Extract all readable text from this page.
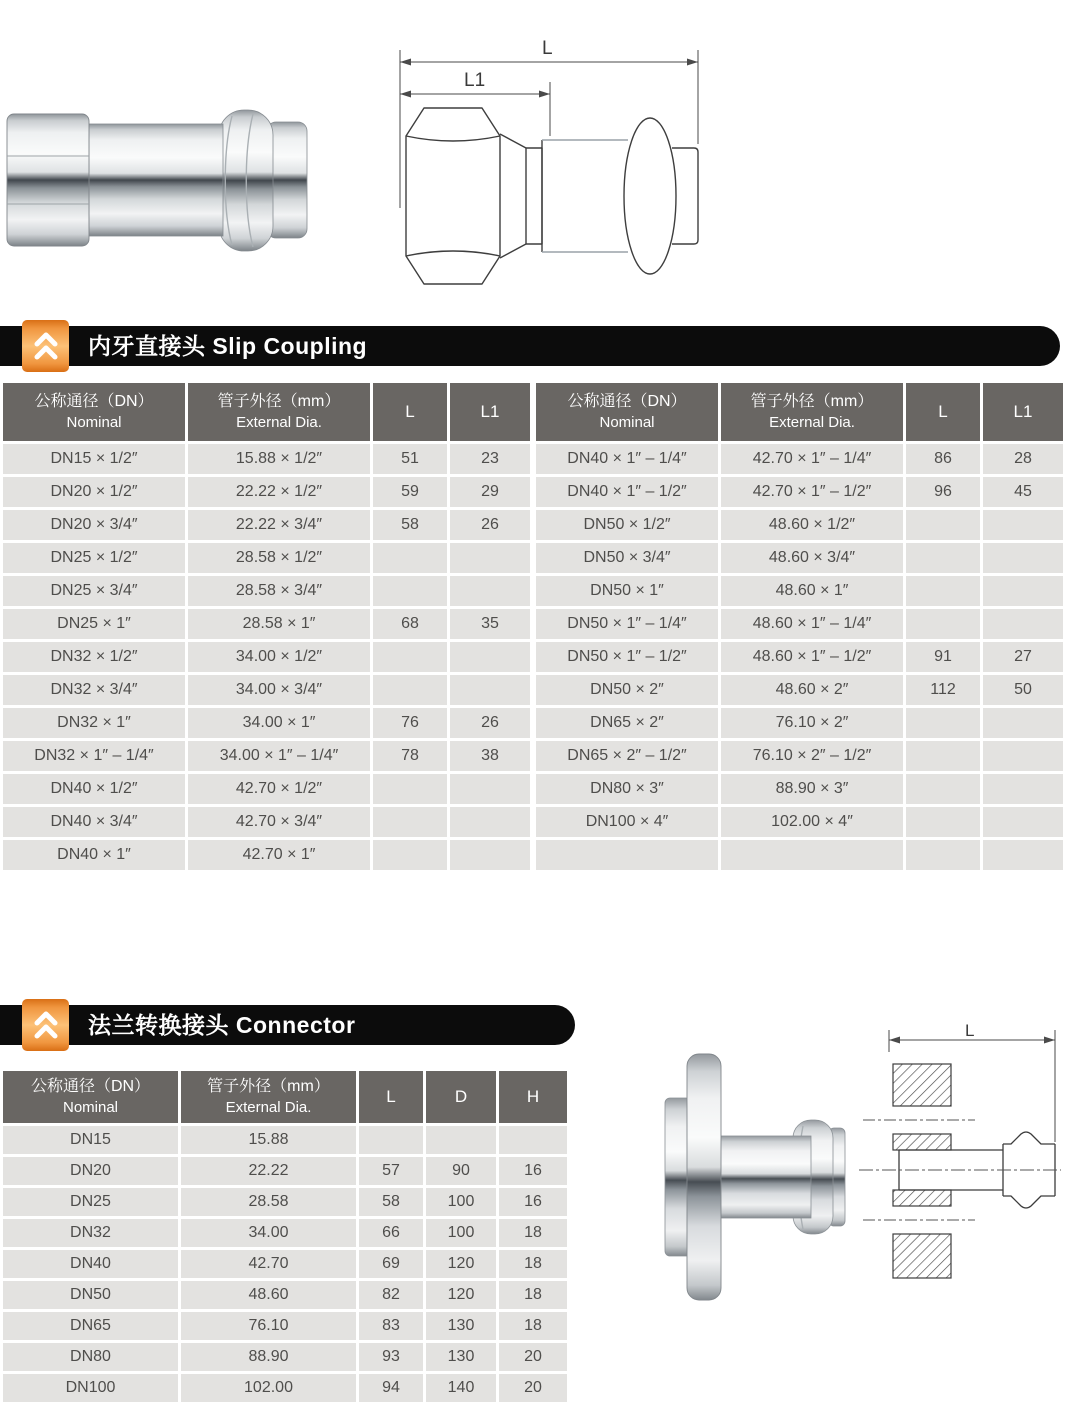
L
L1
内牙直接头 Slip Coupling
公称通径（DN）
Nominal

管子外径（mm）
External Dia.
	L	L1
DN15 × 1/2″	15.88 × 1/2″	51	23
DN20 × 1/2″	22.22 × 1/2″	59	29
DN20 × 3/4″	22.22 × 3/4″	58	26
DN25 × 1/2″	28.58 × 1/2″		
DN25 × 3/4″	28.58 × 3/4″		
DN25 × 1″	28.58 × 1″	68	35
DN32 × 1/2″	34.00 × 1/2″		
DN32 × 3/4″	34.00 × 3/4″		
DN32 × 1″	34.00 × 1″	76	26
DN32 × 1″ – 1/4″	34.00 × 1″ – 1/4″	78	38
DN40 × 1/2″	42.70 × 1/2″		
DN40 × 3/4″	42.70 × 3/4″		
DN40 × 1″	42.70 × 1″		
公称通径（DN）
Nominal

管子外径（mm）
External Dia.
	L	L1
DN40 × 1″ – 1/4″	42.70 × 1″ – 1/4″	86	28
DN40 × 1″ – 1/2″	42.70 × 1″ – 1/2″	96	45
DN50 × 1/2″	48.60 × 1/2″		
DN50 × 3/4″	48.60 × 3/4″		
DN50 × 1″	48.60 × 1″		
DN50 × 1″ – 1/4″	48.60 × 1″ – 1/4″		
DN50 × 1″ – 1/2″	48.60 × 1″ – 1/2″	91	27
DN50 × 2″	48.60 × 2″	112	50
DN65 × 2″	76.10 × 2″		
DN65 × 2″ – 1/2″	76.10 × 2″ – 1/2″		
DN80 × 3″	88.90 × 3″		
DN100 × 4″	102.00 × 4″		

法兰转换接头 Connector
公称通径（DN）
Nominal

管子外径（mm）
External Dia.
	L	D	H
DN15	15.88			
DN20	22.22	57	90	16
DN25	28.58	58	100	16
DN32	34.00	66	100	18
DN40	42.70	69	120	18
DN50	48.60	82	120	18
DN65	76.10	83	130	18
DN80	88.90	93	130	20
DN100	102.00	94	140	20
L
